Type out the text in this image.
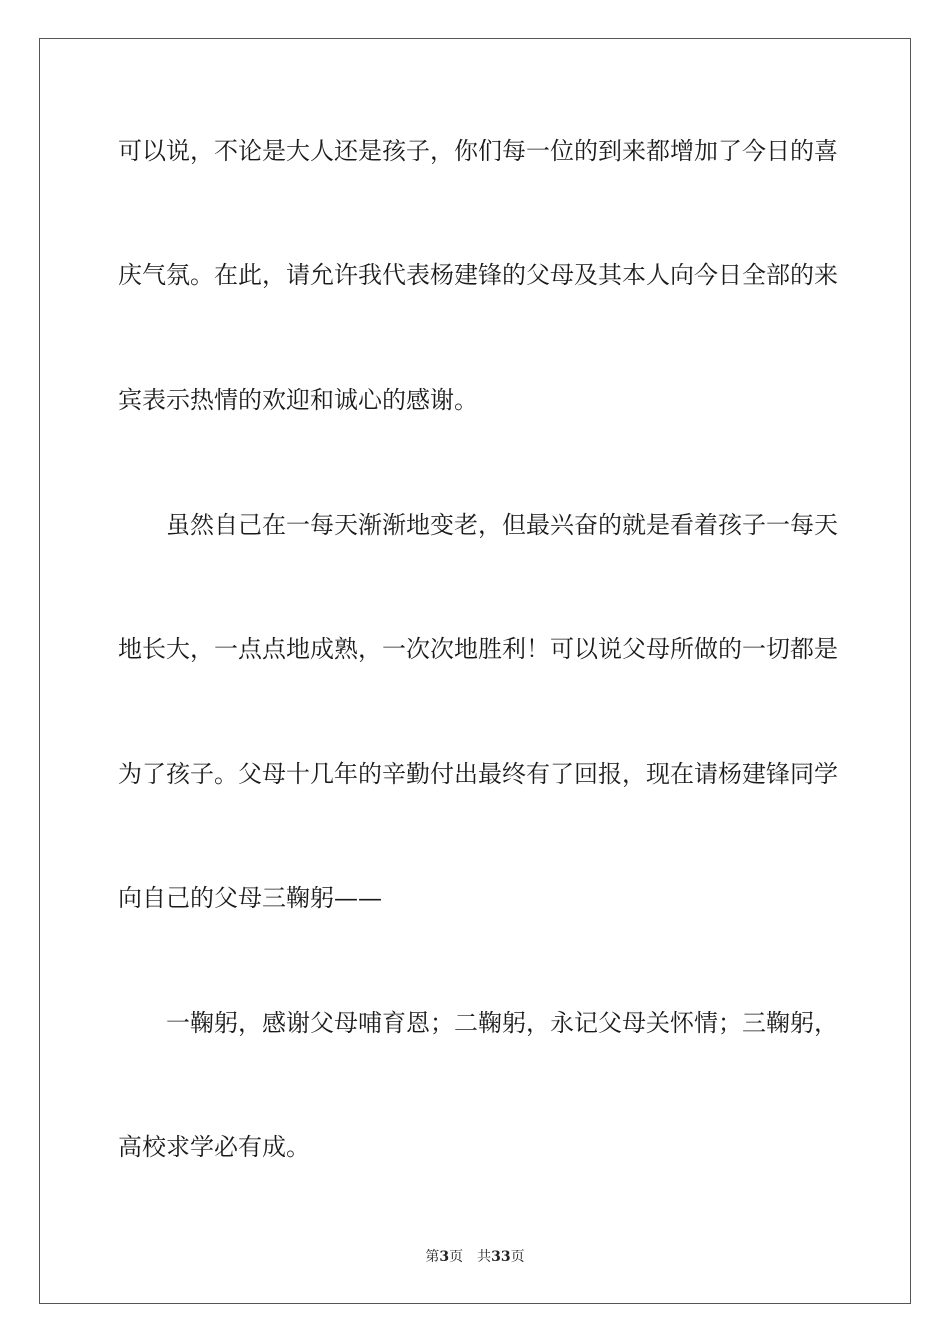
可以说，不论是大人还是孩子，你们每一位的到来都增加了今日的喜
庆气氛。在此，请允许我代表杨建锋的父母及其本人向今日全部的来
宾表示热情的欢迎和诚心的感谢。
虽然自己在一每天渐渐地变老，但最兴奋的就是看着孩子一每天
地长大，一点点地成熟，一次次地胜利！可以说父母所做的一切都是
为了孩子。父母十几年的辛勤付出最终有了回报，现在请杨建锋同学
向自己的父母三鞠躬——
一鞠躬，感谢父母哺育恩；二鞠躬，永记父母关怀情；三鞠躬，
高校求学必有成。
第3页 共33页
